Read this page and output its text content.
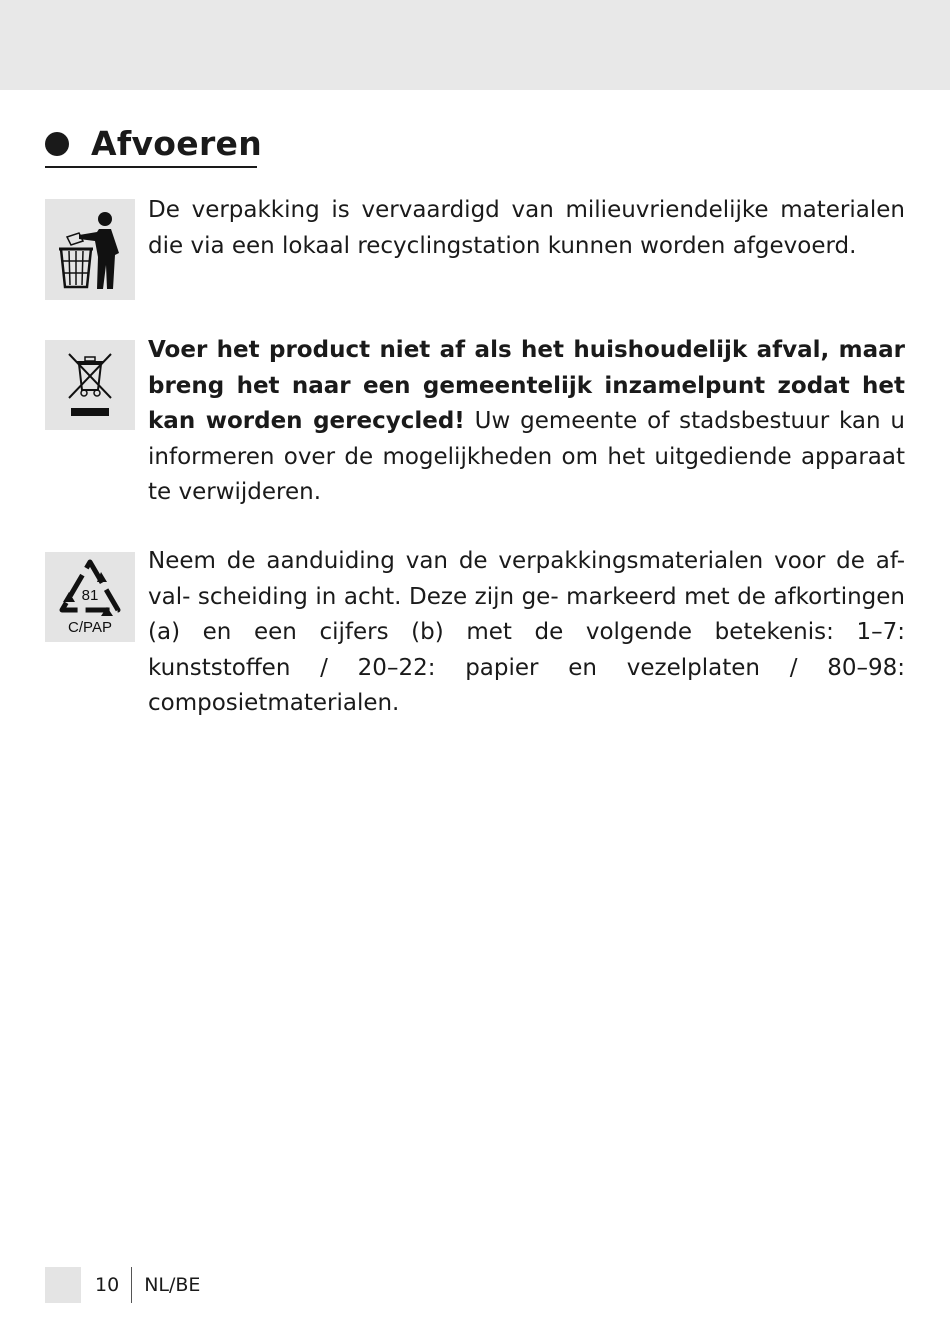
Afvoeren
De verpakking is vervaardigd van milieuvriendelijke materialen die via een lokaal recyclingstation kunnen worden afgevoerd.
Voer het product niet af als het huishoudelijk afval, maar breng het naar een gemeentelijk inzamelpunt zodat het kan worden gerecycled! Uw gemeente of stadsbestuur kan u informeren over de mogelijkheden om het uitgediende apparaat te verwijderen.
81
C/PAP
Neem de aanduiding van de verpakkingsmaterialen voor de af- val- scheiding in acht. Deze zijn ge- markeerd met de afkortingen (a) en een cijfers (b) met de volgende betekenis: 1–7: kunststoffen / 20–22: papier en vezelplaten / 80–98: composietmaterialen.
10 NL/BE
